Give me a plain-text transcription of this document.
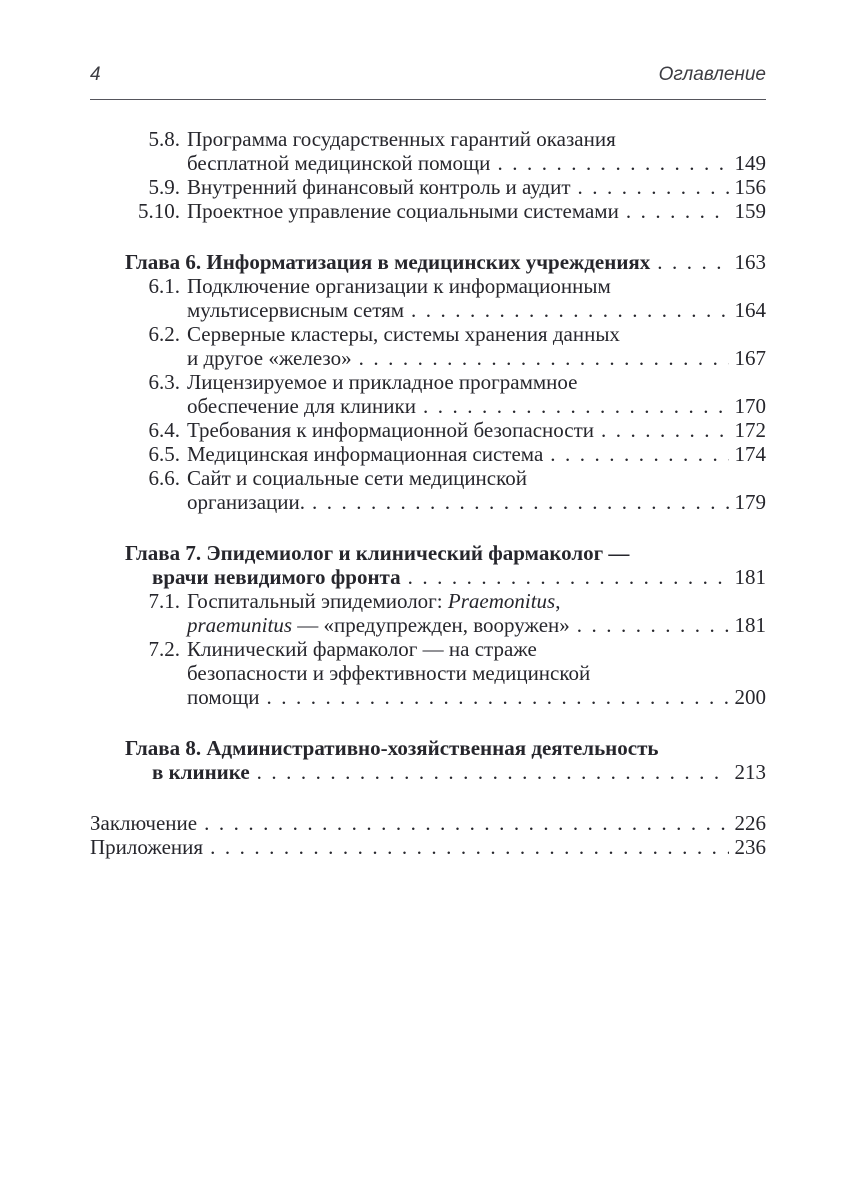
4	Оглавление
5.8. Программа государственных гарантий оказания
бесплатной медицинской помощи .....	149
5.9. Внутренний финансовый контроль и аудит .....	156
5.10. Проектное управление социальными системами .....	159
Глава 6. Информатизация в медицинских учреждениях .....	163
6.1. Подключение организации к информационным
мультисервисным сетям .....	164
6.2. Серверные кластеры, системы хранения данных
и другое «железо» .....	167
6.3. Лицензируемое и прикладное программное
обеспечение для клиники .....	170
6.4. Требования к информационной безопасности .....	172
6.5. Медицинская информационная система .....	174
6.6. Сайт и социальные сети медицинской
организации. .....	179
Глава 7. Эпидемиолог и клинический фармаколог —
врачи невидимого фронта .....	181
7.1. Госпитальный эпидемиолог: Praemonitus,
praemunitus — «предупрежден, вооружен» .....	181
7.2. Клинический фармаколог — на страже
безопасности и эффективности медицинской
помощи .....	200
Глава 8. Административно-хозяйственная деятельность
в клинике .....	213
Заключение .....	226
Приложения .....	236
